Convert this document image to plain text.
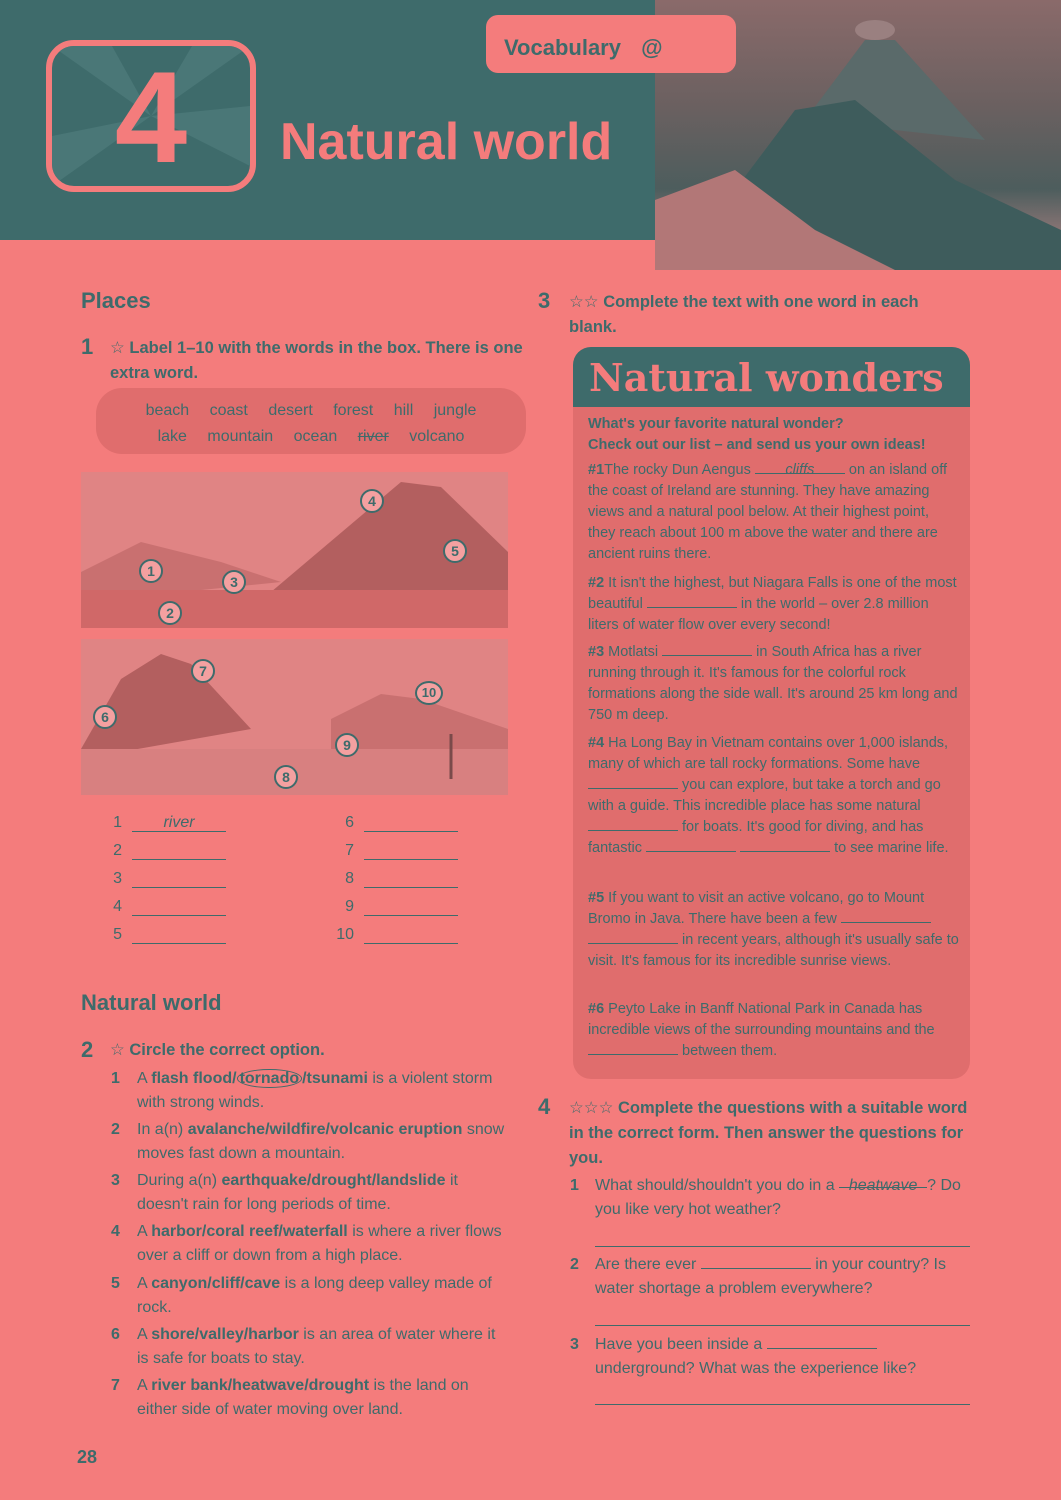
Vocabulary @
4	Natural world
Places
1 ☆ Label 1–10 with the words in the box. There is one extra word.
beach coast desert forest hill jungle
lake mountain ocean river volcano
1
2
3
4
5
6
7
8
9
10
1	river
2
3
4
5
6
7
8
9
10
Natural world
2 ☆ Circle the correct option.
1 A flash flood/ tornado /tsunami is a violent storm with strong winds.
2 In a(n) avalanche/wildfire/volcanic eruption snow moves fast down a mountain.
3 During a(n) earthquake/drought/landslide it doesn't rain for long periods of time.
4 A harbor/coral reef/waterfall is where a river flows over a cliff or down from a high place.
5 A canyon/cliff/cave is a long deep valley made of rock.
6 A shore/valley/harbor is an area of water where it is safe for boats to stay.
7 A river bank/heatwave/drought is the land on either side of water moving over land.
3 ☆☆ Complete the text with one word in each blank.
Natural wonders
What's your favorite natural wonder?
Check out our list – and send us your own ideas!
#1The rocky Dun Aengus cliffs on an island off the coast of Ireland are stunning. They have amazing views and a natural pool below. At their highest point, they reach about 100 m above the water and there are ancient ruins there.
#2 It isn't the highest, but Niagara Falls is one of the most beautiful	in the world – over 2.8 million liters of water flow over every second!
#3 Motlatsi	in South Africa has a river running through it. It's famous for the colorful rock formations along the side wall. It's around 25 km long and 750 m deep.
#4 Ha Long Bay in Vietnam contains over 1,000 islands, many of which are tall rocky formations. Some have  you can explore, but take a torch and go with a guide. This incredible place has some natural  for boats. It's good for diving, and has fantastic	to see marine life.
#5 If you want to visit an active volcano, go to Mount Bromo in Java. There have been a few   in recent years, although it's usually safe to visit. It's famous for its incredible sunrise views.
#6 Peyto Lake in Banff National Park in Canada has incredible views of the surrounding mountains and the  between them.
4 ☆☆☆ Complete the questions with a suitable word in the correct form. Then answer the questions for you.
1 What should/shouldn't you do in a heatwave ? Do you like very hot weather?
2 Are there ever	in your country? Is water shortage a problem everywhere?
3 Have you been inside a  underground? What was the experience like?
28
